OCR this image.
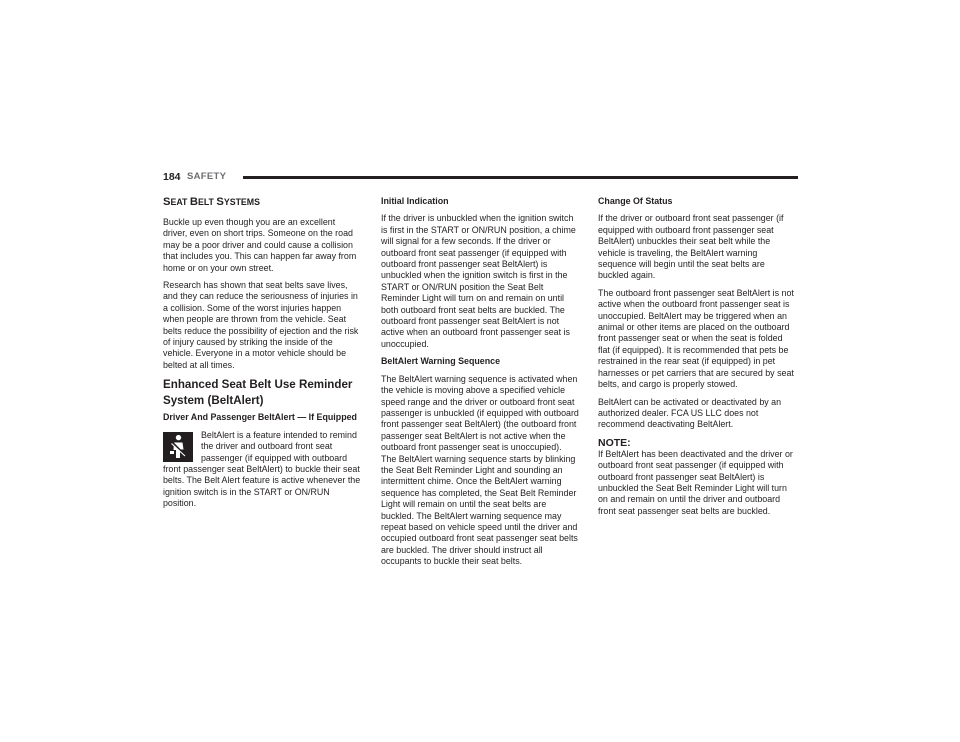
184 SAFETY
SEAT BELT SYSTEMS

Buckle up even though you are an excellent driver, even on short trips. Someone on the road may be a poor driver and could cause a collision that includes you. This can happen far away from home or on your own street.

Research has shown that seat belts save lives, and they can reduce the seriousness of injuries in a collision. Some of the worst injuries happen when people are thrown from the vehicle. Seat belts reduce the possibility of ejection and the risk of injury caused by striking the inside of the vehicle. Everyone in a motor vehicle should be belted at all times.

Enhanced Seat Belt Use Reminder System (BeltAlert)
Driver And Passenger BeltAlert — If Equipped

BeltAlert is a feature intended to remind the driver and outboard front seat passenger (if equipped with outboard front passenger seat BeltAlert) to buckle their seat belts. The Belt Alert feature is active whenever the ignition switch is in the START or ON/RUN position.

Initial Indication

If the driver is unbuckled when the ignition switch is first in the START or ON/RUN position, a chime will signal for a few seconds. If the driver or outboard front seat passenger (if equipped with outboard front passenger seat BeltAlert) is unbuckled when the ignition switch is first in the START or ON/RUN position the Seat Belt Reminder Light will turn on and remain on until both outboard front seat belts are buckled. The outboard front passenger seat BeltAlert is not active when an outboard front passenger seat is unoccupied.

BeltAlert Warning Sequence

The BeltAlert warning sequence is activated when the vehicle is moving above a specified vehicle speed range and the driver or outboard front seat passenger is unbuckled (if equipped with outboard front passenger seat BeltAlert) (the outboard front passenger seat BeltAlert is not active when the outboard front passenger seat is unoccupied). The BeltAlert warning sequence starts by blinking the Seat Belt Reminder Light and sounding an intermittent chime. Once the BeltAlert warning sequence has completed, the Seat Belt Reminder Light will remain on until the seat belts are buckled. The BeltAlert warning sequence may repeat based on vehicle speed until the driver and occupied outboard front seat passenger seat belts are buckled. The driver should instruct all occupants to buckle their seat belts.

Change Of Status

If the driver or outboard front seat passenger (if equipped with outboard front passenger seat BeltAlert) unbuckles their seat belt while the vehicle is traveling, the BeltAlert warning sequence will begin until the seat belts are buckled again.

The outboard front passenger seat BeltAlert is not active when the outboard front passenger seat is unoccupied. BeltAlert may be triggered when an animal or other items are placed on the outboard front passenger seat or when the seat is folded flat (if equipped). It is recommended that pets be restrained in the rear seat (if equipped) in pet harnesses or pet carriers that are secured by seat belts, and cargo is properly stowed.

BeltAlert can be activated or deactivated by an authorized dealer. FCA US LLC does not recommend deactivating BeltAlert.

NOTE:

If BeltAlert has been deactivated and the driver or outboard front seat passenger (if equipped with outboard front passenger seat BeltAlert) is unbuckled the Seat Belt Reminder Light will turn on and remain on until the driver and outboard front seat passenger seat belts are buckled.
